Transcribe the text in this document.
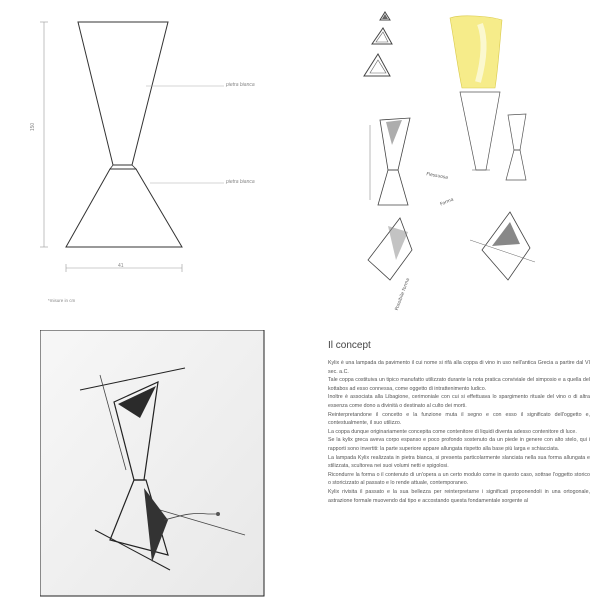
150
41
pietra bianca
pietra bianca
*misure in cm
Flessuosa
Forma
Possibile forma
Il concept

Kylix è una lampada da pavimento il cui nome si rifà alla coppa di vino in uso nell'antica Grecia a partire dal VI sec. a.C.

Tale coppa costituiva un tipico manufatto utilizzato durante la nota pratica conviviale del simposio e a quella del kottabos ad esso connessa, come oggetto di intrattenimento ludico.

Inoltre è associata alla Libagione, cerimoniale con cui si effettuava lo spargimento rituale del vino o di altra essenza come dono a divinità o destinato al culto dei morti.

Reinterpretandone il concetto e la funzione muta il segno e con esso il significato dell'oggetto e, contestualmente, il suo utilizzo.

La coppa dunque originariamente concepita come contenitore di liquidi diventa adesso contenitore di luce.

Se la kylix greca aveva corpo espanso e poco profondo sostenuto da un piede in genere con alto stelo, qui i rapporti sono invertiti: la parte superiore appare allungata rispetto alla base più larga e schiacciata.

La lampada Kylix realizzata in pietra bianca, si presenta particolarmente slanciata nella sua forma allungata e stilizzata, scultorea nei suoi volumi netti e spigolosi.

Ricondurre la forma o il contenuto di un'opera a un certo modulo come in questo caso, sottrae l'oggetto storico o storicizzato al passato e lo rende attuale, contemporaneo.

Kylix rivisita il passato e la sua bellezza per reinterpretarne i significati proponendoli in una ortogonale, astrazione formale muovendo dal tipo e accostando questa fondamentale sorgente al
